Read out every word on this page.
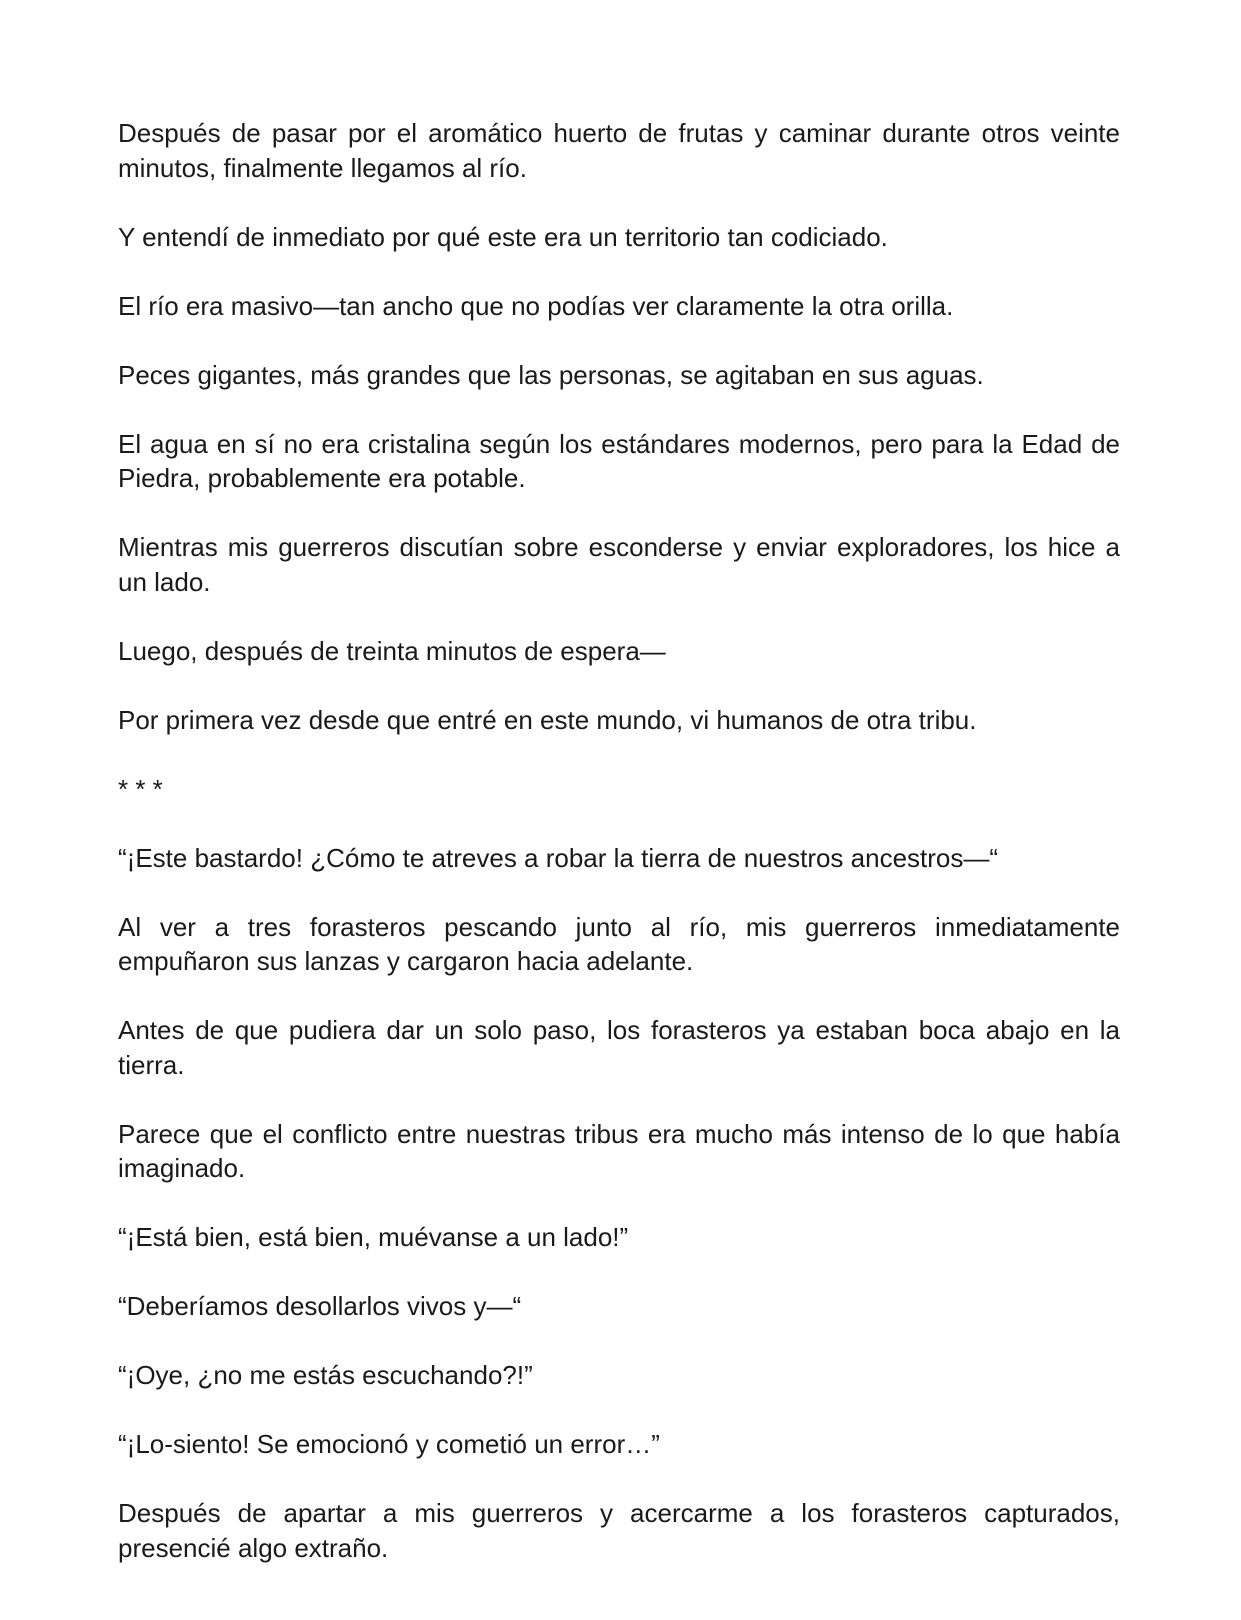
Después de pasar por el aromático huerto de frutas y caminar durante otros veinte minutos, finalmente llegamos al río.

Y entendí de inmediato por qué este era un territorio tan codiciado.

El río era masivo—tan ancho que no podías ver claramente la otra orilla.

Peces gigantes, más grandes que las personas, se agitaban en sus aguas.

El agua en sí no era cristalina según los estándares modernos, pero para la Edad de Piedra, probablemente era potable.

Mientras mis guerreros discutían sobre esconderse y enviar exploradores, los hice a un lado.

Luego, después de treinta minutos de espera—

Por primera vez desde que entré en este mundo, vi humanos de otra tribu.

* * *

“¡Este bastardo! ¿Cómo te atreves a robar la tierra de nuestros ancestros—“

Al ver a tres forasteros pescando junto al río, mis guerreros inmediatamente empuñaron sus lanzas y cargaron hacia adelante.

Antes de que pudiera dar un solo paso, los forasteros ya estaban boca abajo en la tierra.

Parece que el conflicto entre nuestras tribus era mucho más intenso de lo que había imaginado.

“¡Está bien, está bien, muévanse a un lado!”

“Deberíamos desollarlos vivos y—“

“¡Oye, ¿no me estás escuchando?!”

“¡Lo-siento! Se emocionó y cometió un error…”

Después de apartar a mis guerreros y acercarme a los forasteros capturados, presencié algo extraño.
